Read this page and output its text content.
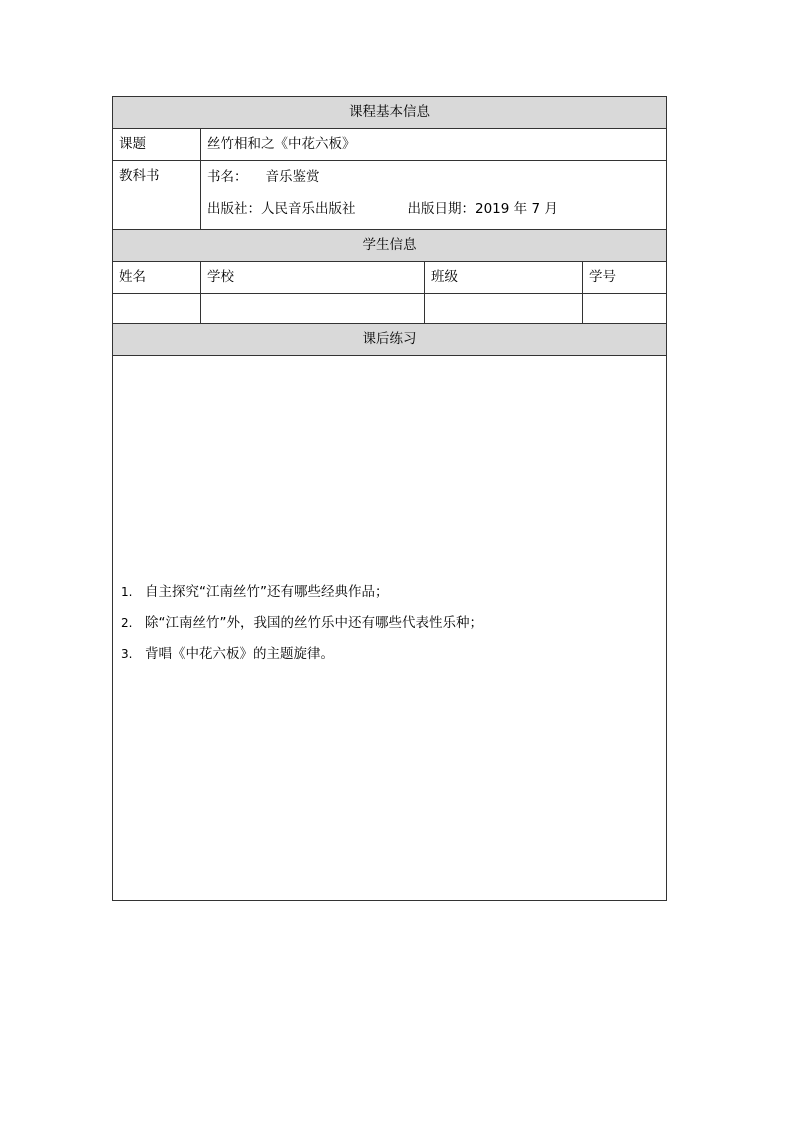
课程基本信息			
课题	丝竹相和之《中花六板》		
教科书	书名： 音乐鉴赏
出版社：人民音乐出版社 出版日期：2019 年 7 月		

学生信息			
姓名	学校	班级	学号

课后练习			

1. 自主探究“江南丝竹”还有哪些经典作品；
2. 除“江南丝竹”外，我国的丝竹乐中还有哪些代表性乐种；
3. 背唱《中花六板》的主题旋律。			
